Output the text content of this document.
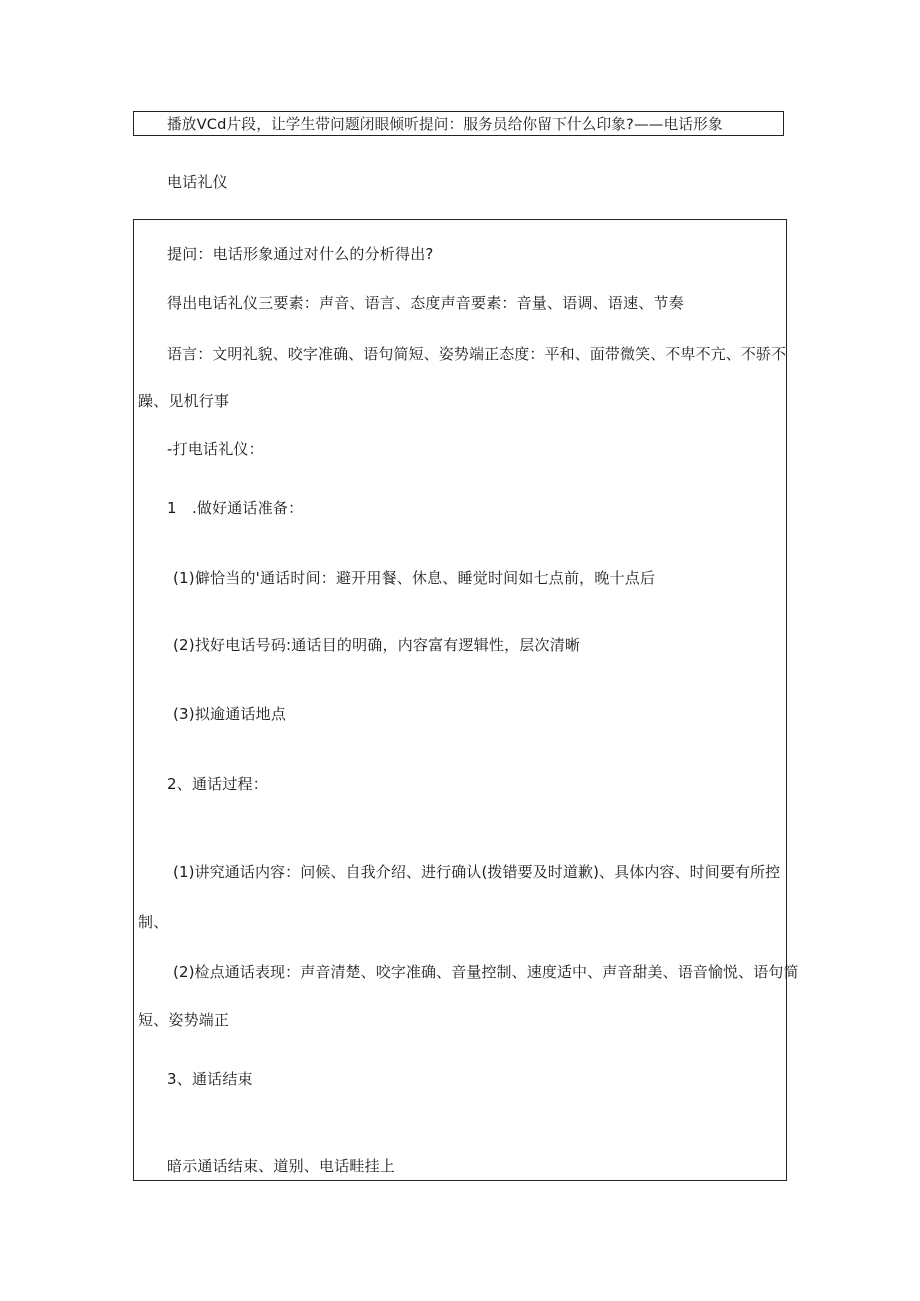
播放VCd片段，让学生带问题闭眼倾听提问：服务员给你留下什么印象?——电话形象
电话礼仪
提问：电话形象通过对什么的分析得出?
得出电话礼仪三要素：声音、语言、态度声音要素：音量、语调、语速、节奏
语言：文明礼貌、咬字准确、语句简短、姿势端正态度：平和、面带微笑、不卑不亢、不骄不
躁、见机行事
-打电话礼仪：
1　.做好通话准备：
(1)僻恰当的'通话时间：避开用餐、休息、睡觉时间如七点前，晚十点后
(2)找好电话号码:通话目的明确，内容富有逻辑性，层次清晰
(3)拟逾通话地点
2、通话过程：
(1)讲究通话内容：问候、自我介绍、进行确认(拨错要及时道歉)、具体内容、时间要有所控
制、
(2)检点通话表现：声音清楚、咬字准确、音量控制、速度适中、声音甜美、语音愉悦、语句简
短、姿势端正
3、通话结束
暗示通话结束、道别、电话畦挂上
